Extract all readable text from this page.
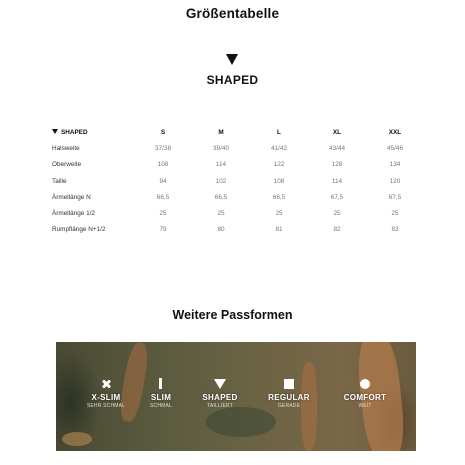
Größentabelle
SHAPED
SHAPED	S	M	L	XL	XXL
Halsweite	37/38	39/40	41/42	43/44	45/46
Oberweite	108	114	122	128	134
Taille	94	102	108	114	120
Ärmellänge N	66,5	66,5	66,5	67,5	67,5
Ärmellänge 1/2	25	25	25	25	25
Rumpflänge N+1/2	79	80	81	82	83
Weitere Passformen
X-SLIM
SEHR SCHMAL
SLIM
SCHMAL
SHAPED
TAILLIERT
REGULAR
GERADE
COMFORT
WEIT
